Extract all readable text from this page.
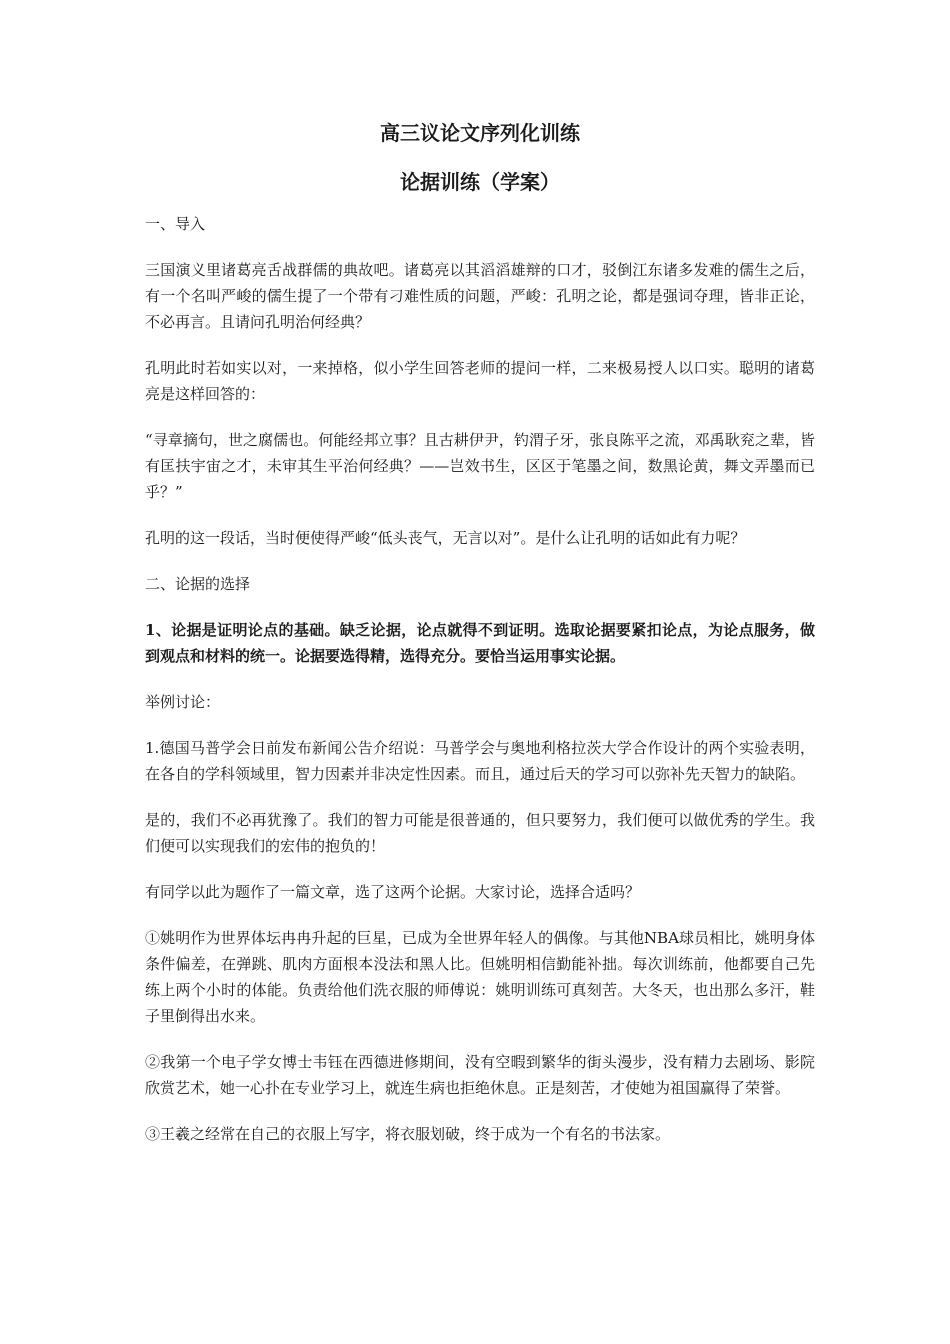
高三议论文序列化训练
论据训练（学案）

一、导入

三国演义里诸葛亮舌战群儒的典故吧。诸葛亮以其滔滔雄辩的口才，驳倒江东诸多发难的儒生之后，有一个名叫严峻的儒生提了一个带有刁难性质的问题，严峻：孔明之论，都是强词夺理，皆非正论，不必再言。且请问孔明治何经典？

孔明此时若如实以对，一来掉格，似小学生回答老师的提问一样，二来极易授人以口实。聪明的诸葛亮是这样回答的：

“寻章摘句，世之腐儒也。何能经邦立事？且古耕伊尹，钓渭子牙，张良陈平之流，邓禹耿兖之辈，皆有匡扶宇宙之才，未审其生平治何经典？——岂效书生，区区于笔墨之间，数黑论黄，舞文弄墨而已乎？”

孔明的这一段话，当时便使得严峻“低头丧气，无言以对”。是什么让孔明的话如此有力呢？

二、论据的选择

1、论据是证明论点的基础。缺乏论据，论点就得不到证明。选取论据要紧扣论点，为论点服务，做到观点和材料的统一。论据要选得精，选得充分。要恰当运用事实论据。

举例讨论：

1.德国马普学会日前发布新闻公告介绍说：马普学会与奥地利格拉茨大学合作设计的两个实验表明，在各自的学科领域里，智力因素并非决定性因素。而且，通过后天的学习可以弥补先天智力的缺陷。

是的，我们不必再犹豫了。我们的智力可能是很普通的，但只要努力，我们便可以做优秀的学生。我们便可以实现我们的宏伟的抱负的！

有同学以此为题作了一篇文章，选了这两个论据。大家讨论，选择合适吗？

①姚明作为世界体坛冉冉升起的巨星，已成为全世界年轻人的偶像。与其他NBA球员相比，姚明身体条件偏差，在弹跳、肌肉方面根本没法和黑人比。但姚明相信勤能补拙。每次训练前，他都要自己先练上两个小时的体能。负责给他们洗衣服的师傅说：姚明训练可真刻苦。大冬天，也出那么多汗，鞋子里倒得出水来。

②我第一个电子学女博士韦钰在西德进修期间，没有空暇到繁华的街头漫步，没有精力去剧场、影院欣赏艺术，她一心扑在专业学习上，就连生病也拒绝休息。正是刻苦，才使她为祖国赢得了荣誉。

③王羲之经常在自己的衣服上写字，将衣服划破，终于成为一个有名的书法家。
